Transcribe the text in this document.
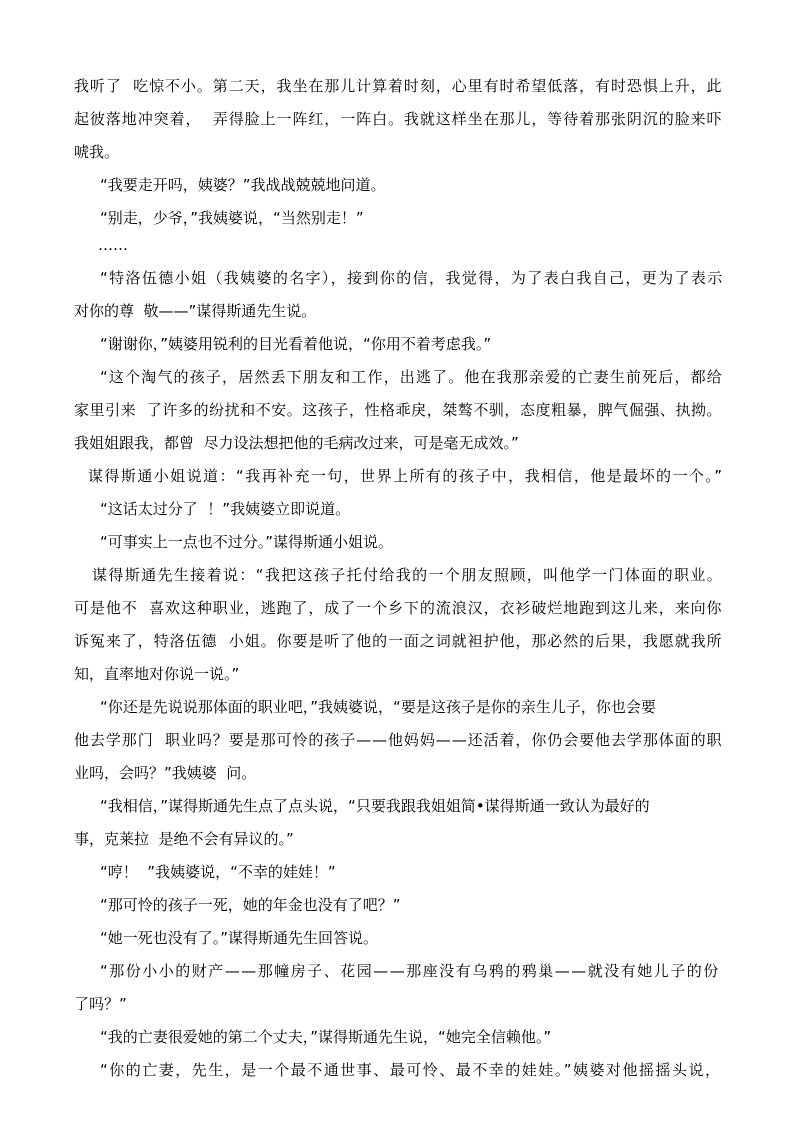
我听了  吃惊不小。第二天，我坐在那儿计算着时刻，心里有时希望低落，有时恐惧上升，此
起彼落地冲突着，  弄得脸上一阵红，一阵白。我就这样坐在那儿，等待着那张阴沉的脸来吓
唬我。
“我要走开吗，姨婆？”我战战兢兢地问道。
“别走，少爷，”我姨婆说，“当然别走！”
……
“特洛伍德小姐（我姨婆的名字），接到你的信，我觉得，为了表白我自己，更为了表示
对你的尊  敬——”谋得斯通先生说。
“谢谢你，”姨婆用锐利的目光看着他说，“你用不着考虑我。”
“这个淘气的孩子，居然丢下朋友和工作，出逃了。他在我那亲爱的亡妻生前死后，都给
家里引来  了许多的纷扰和不安。这孩子，性格乖戾，桀骜不驯，态度粗暴，脾气倔强、执拗。
我姐姐跟我，都曾  尽力设法想把他的毛病改过来，可是毫无成效。”
谋得斯通小姐说道：“我再补充一句，世界上所有的孩子中，我相信，他是最坏的一个。”
“这话太过分了  ！”我姨婆立即说道。
“可事实上一点也不过分。”谋得斯通小姐说。
谋得斯通先生接着说：“我把这孩子托付给我的一个朋友照顾，叫他学一门体面的职业。
可是他不  喜欢这种职业，逃跑了，成了一个乡下的流浪汉，衣衫破烂地跑到这儿来，来向你
诉冤来了，特洛伍德  小姐。你要是听了他的一面之词就袒护他，那必然的后果，我愿就我所
知，直率地对你说一说。”
“你还是先说说那体面的职业吧，”我姨婆说，“要是这孩子是你的亲生儿子，你也会要
他去学那门  职业吗？要是那可怜的孩子——他妈妈——还活着，你仍会要他去学那体面的职
业吗，会吗？”我姨婆  问。
“我相信，”谋得斯通先生点了点头说，“只要我跟我姐姐简•谋得斯通一致认为最好的
事，克莱拉  是绝不会有异议的。”
“哼！  ”我姨婆说，“不幸的娃娃！”
“那可怜的孩子一死，她的年金也没有了吧？”
“她一死也没有了。”谋得斯通先生回答说。
“那份小小的财产——那幢房子、花园——那座没有乌鸦的鸦巢——就没有她儿子的份
了吗？”
“我的亡妻很爱她的第二个丈夫，”谋得斯通先生说，“她完全信赖他。”
“你的亡妻，先生，是一个最不通世事、最可怜、最不幸的娃娃。”姨婆对他摇摇头说，
